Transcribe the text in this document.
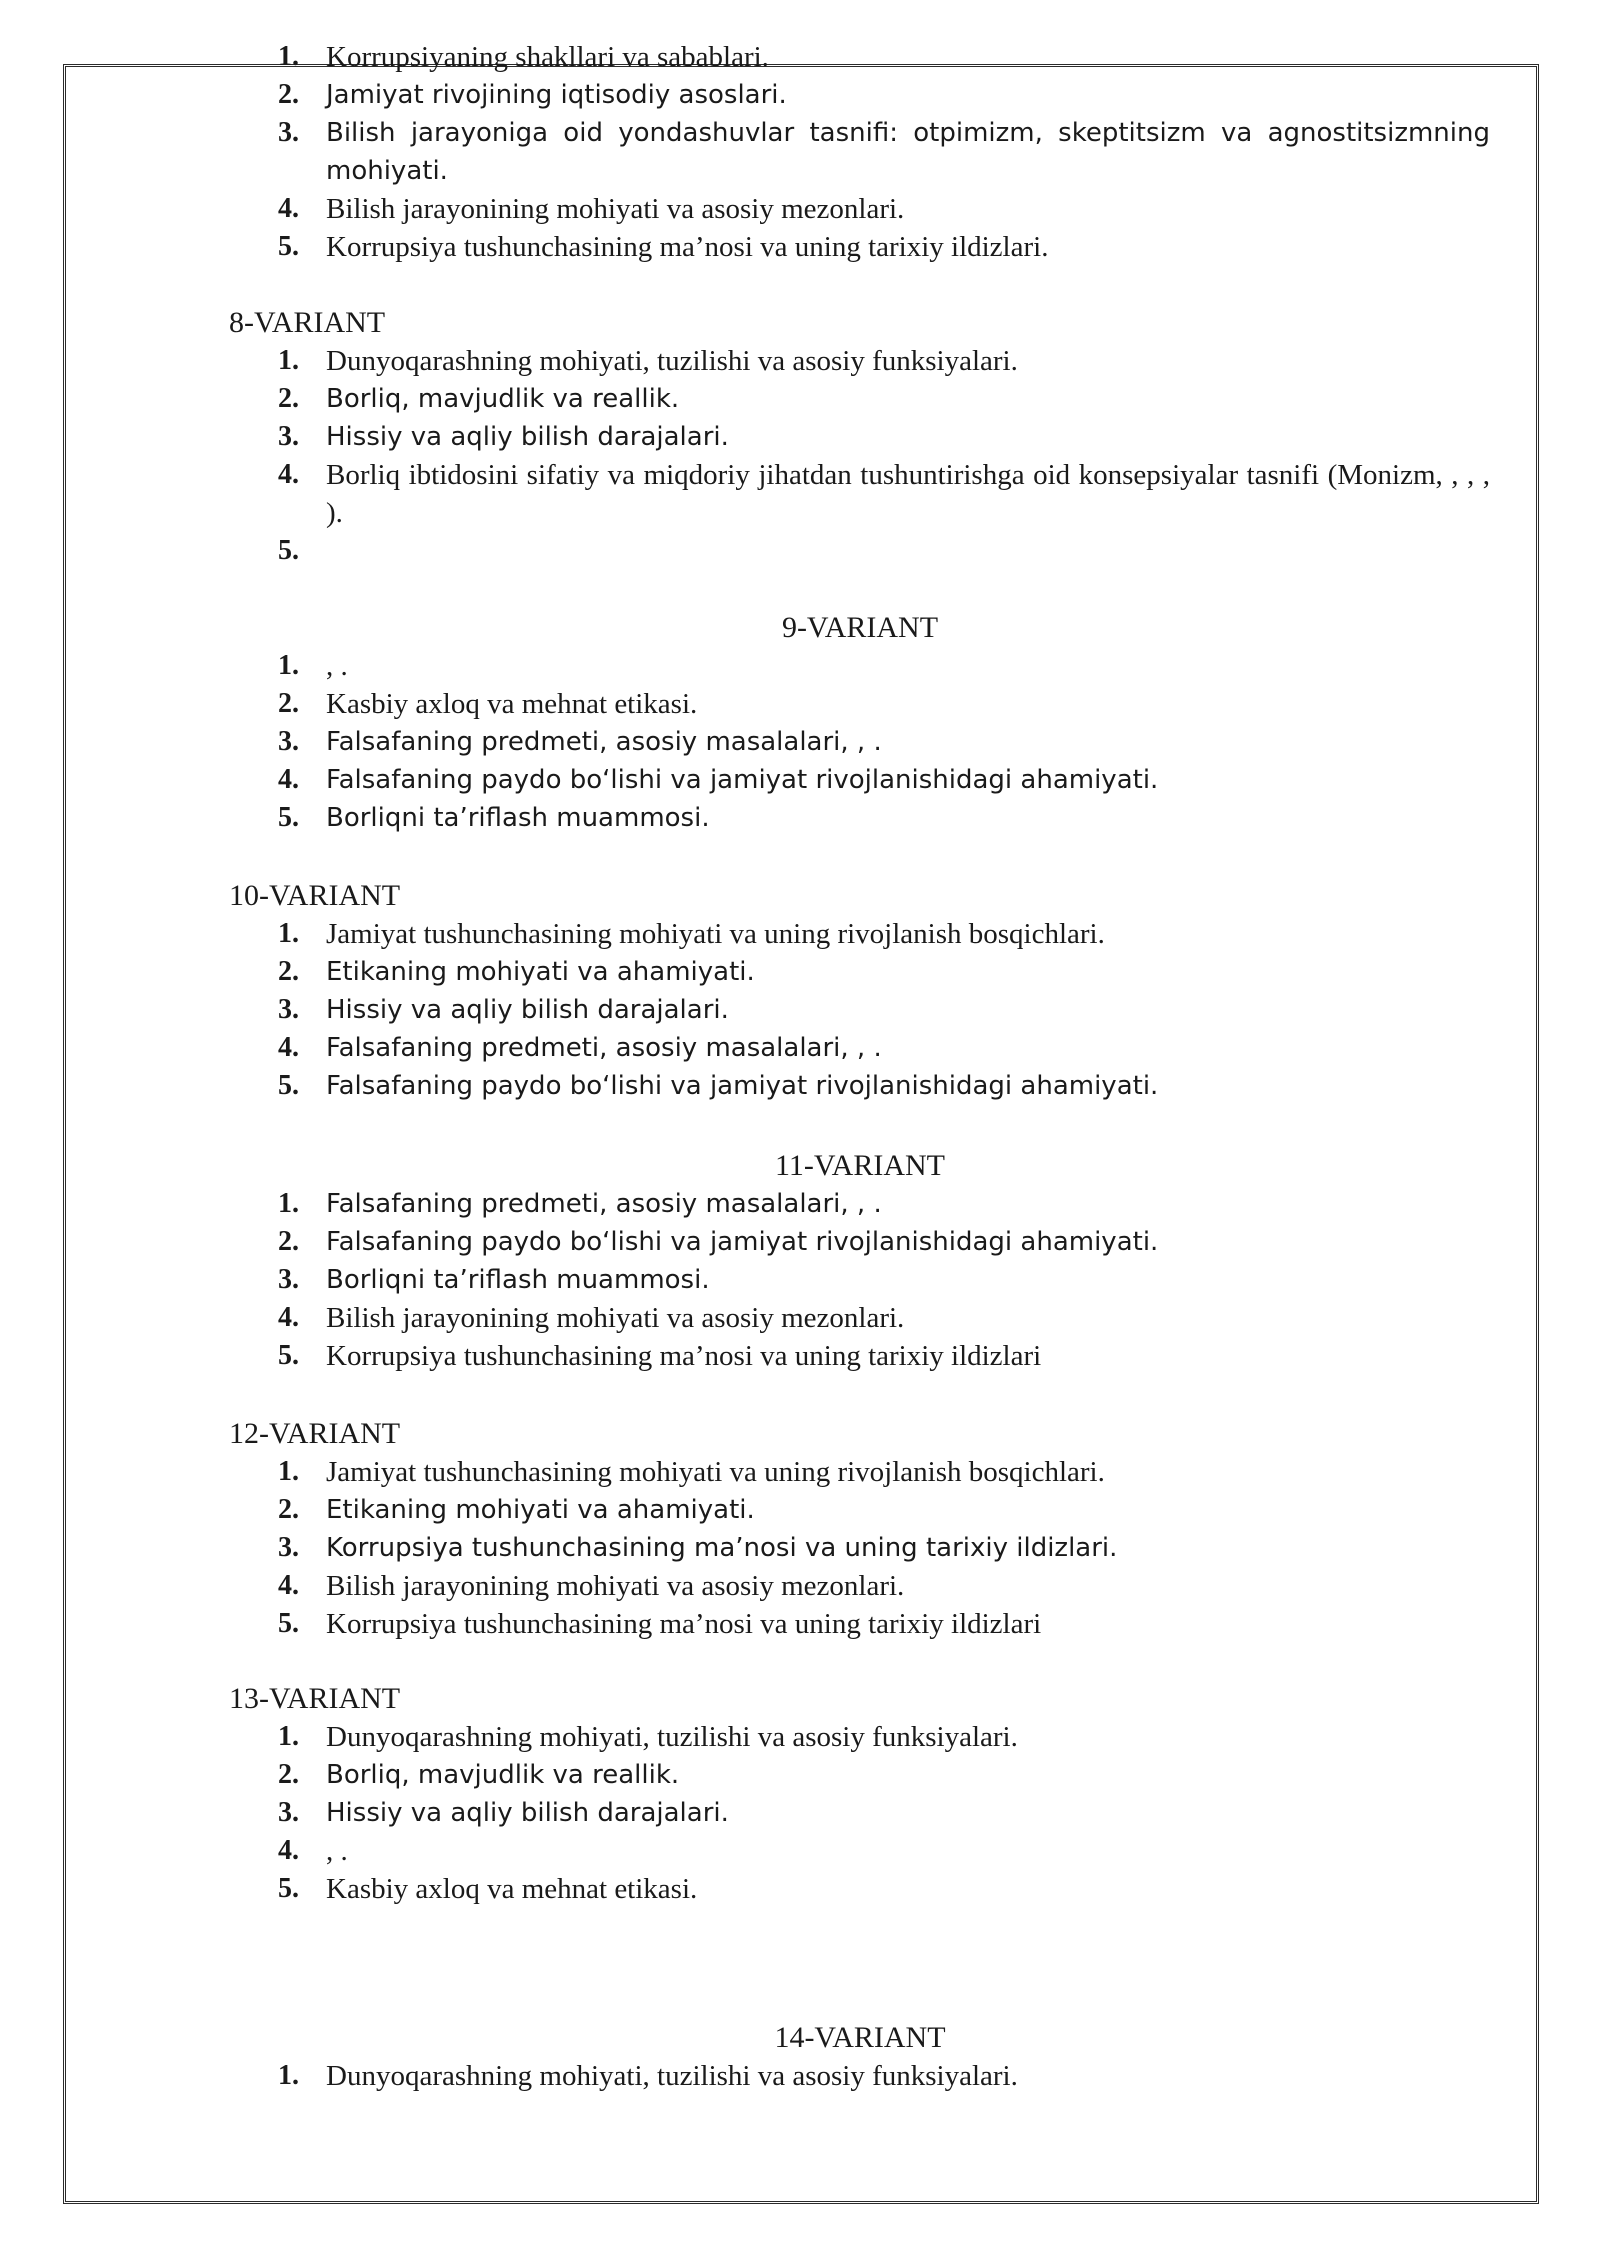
1. Korrupsiyaning shakllari va sabablari.
2.	Jamiyat rivojining iqtisodiy asoslari.
3.	Bilish jarayoniga oid yondashuvlar tasnifi: otpimizm, skeptitsizm va agnostitsizmning mohiyati.
4. Bilish jarayonining mohiyati va asosiy mezonlari.
5. Korrupsiya tushunchasining ma’nosi va uning tarixiy ildizlari.
8-VARIANT
1. Dunyoqarashning mohiyati, tuzilishi va asosiy funksiyalari.
2.	Borliq, mavjudlik va reallik.
3.	Hissiy va aqliy bilish darajalari.
4. Borliq ibtidosini sifatiy va miqdoriy jihatdan tushuntirishga oid konsepsiyalar tasnifi (Monizm, , , , ).
5.
9-VARIANT
1. , .
2. Kasbiy axloq va mehnat etikasi.
3.	Falsafaning predmeti, asosiy masalalari, , .
4.	Falsafaning paydo bo‘lishi va jamiyat rivojlanishidagi ahamiyati.
5.	Borliqni ta’riflash muammosi.
10-VARIANT
1. Jamiyat tushunchasining mohiyati va uning rivojlanish bosqichlari.
2.	Etikaning mohiyati va ahamiyati.
3.	Hissiy va aqliy bilish darajalari.
4.	Falsafaning predmeti, asosiy masalalari, , .
5.	Falsafaning paydo bo‘lishi va jamiyat rivojlanishidagi ahamiyati.
11-VARIANT
1.	Falsafaning predmeti, asosiy masalalari, , .
2.	Falsafaning paydo bo‘lishi va jamiyat rivojlanishidagi ahamiyati.
3.	Borliqni ta’riflash muammosi.
4. Bilish jarayonining mohiyati va asosiy mezonlari.
5. Korrupsiya tushunchasining ma’nosi va uning tarixiy ildizlari
12-VARIANT
1. Jamiyat tushunchasining mohiyati va uning rivojlanish bosqichlari.
2.	Etikaning mohiyati va ahamiyati.
3.	Korrupsiya tushunchasining ma’nosi va uning tarixiy ildizlari.
4. Bilish jarayonining mohiyati va asosiy mezonlari.
5. Korrupsiya tushunchasining ma’nosi va uning tarixiy ildizlari
13-VARIANT
1. Dunyoqarashning mohiyati, tuzilishi va asosiy funksiyalari.
2.	Borliq, mavjudlik va reallik.
3.	Hissiy va aqliy bilish darajalari.
4. , .
5. Kasbiy axloq va mehnat etikasi.
14-VARIANT
1. Dunyoqarashning mohiyati, tuzilishi va asosiy funksiyalari.
